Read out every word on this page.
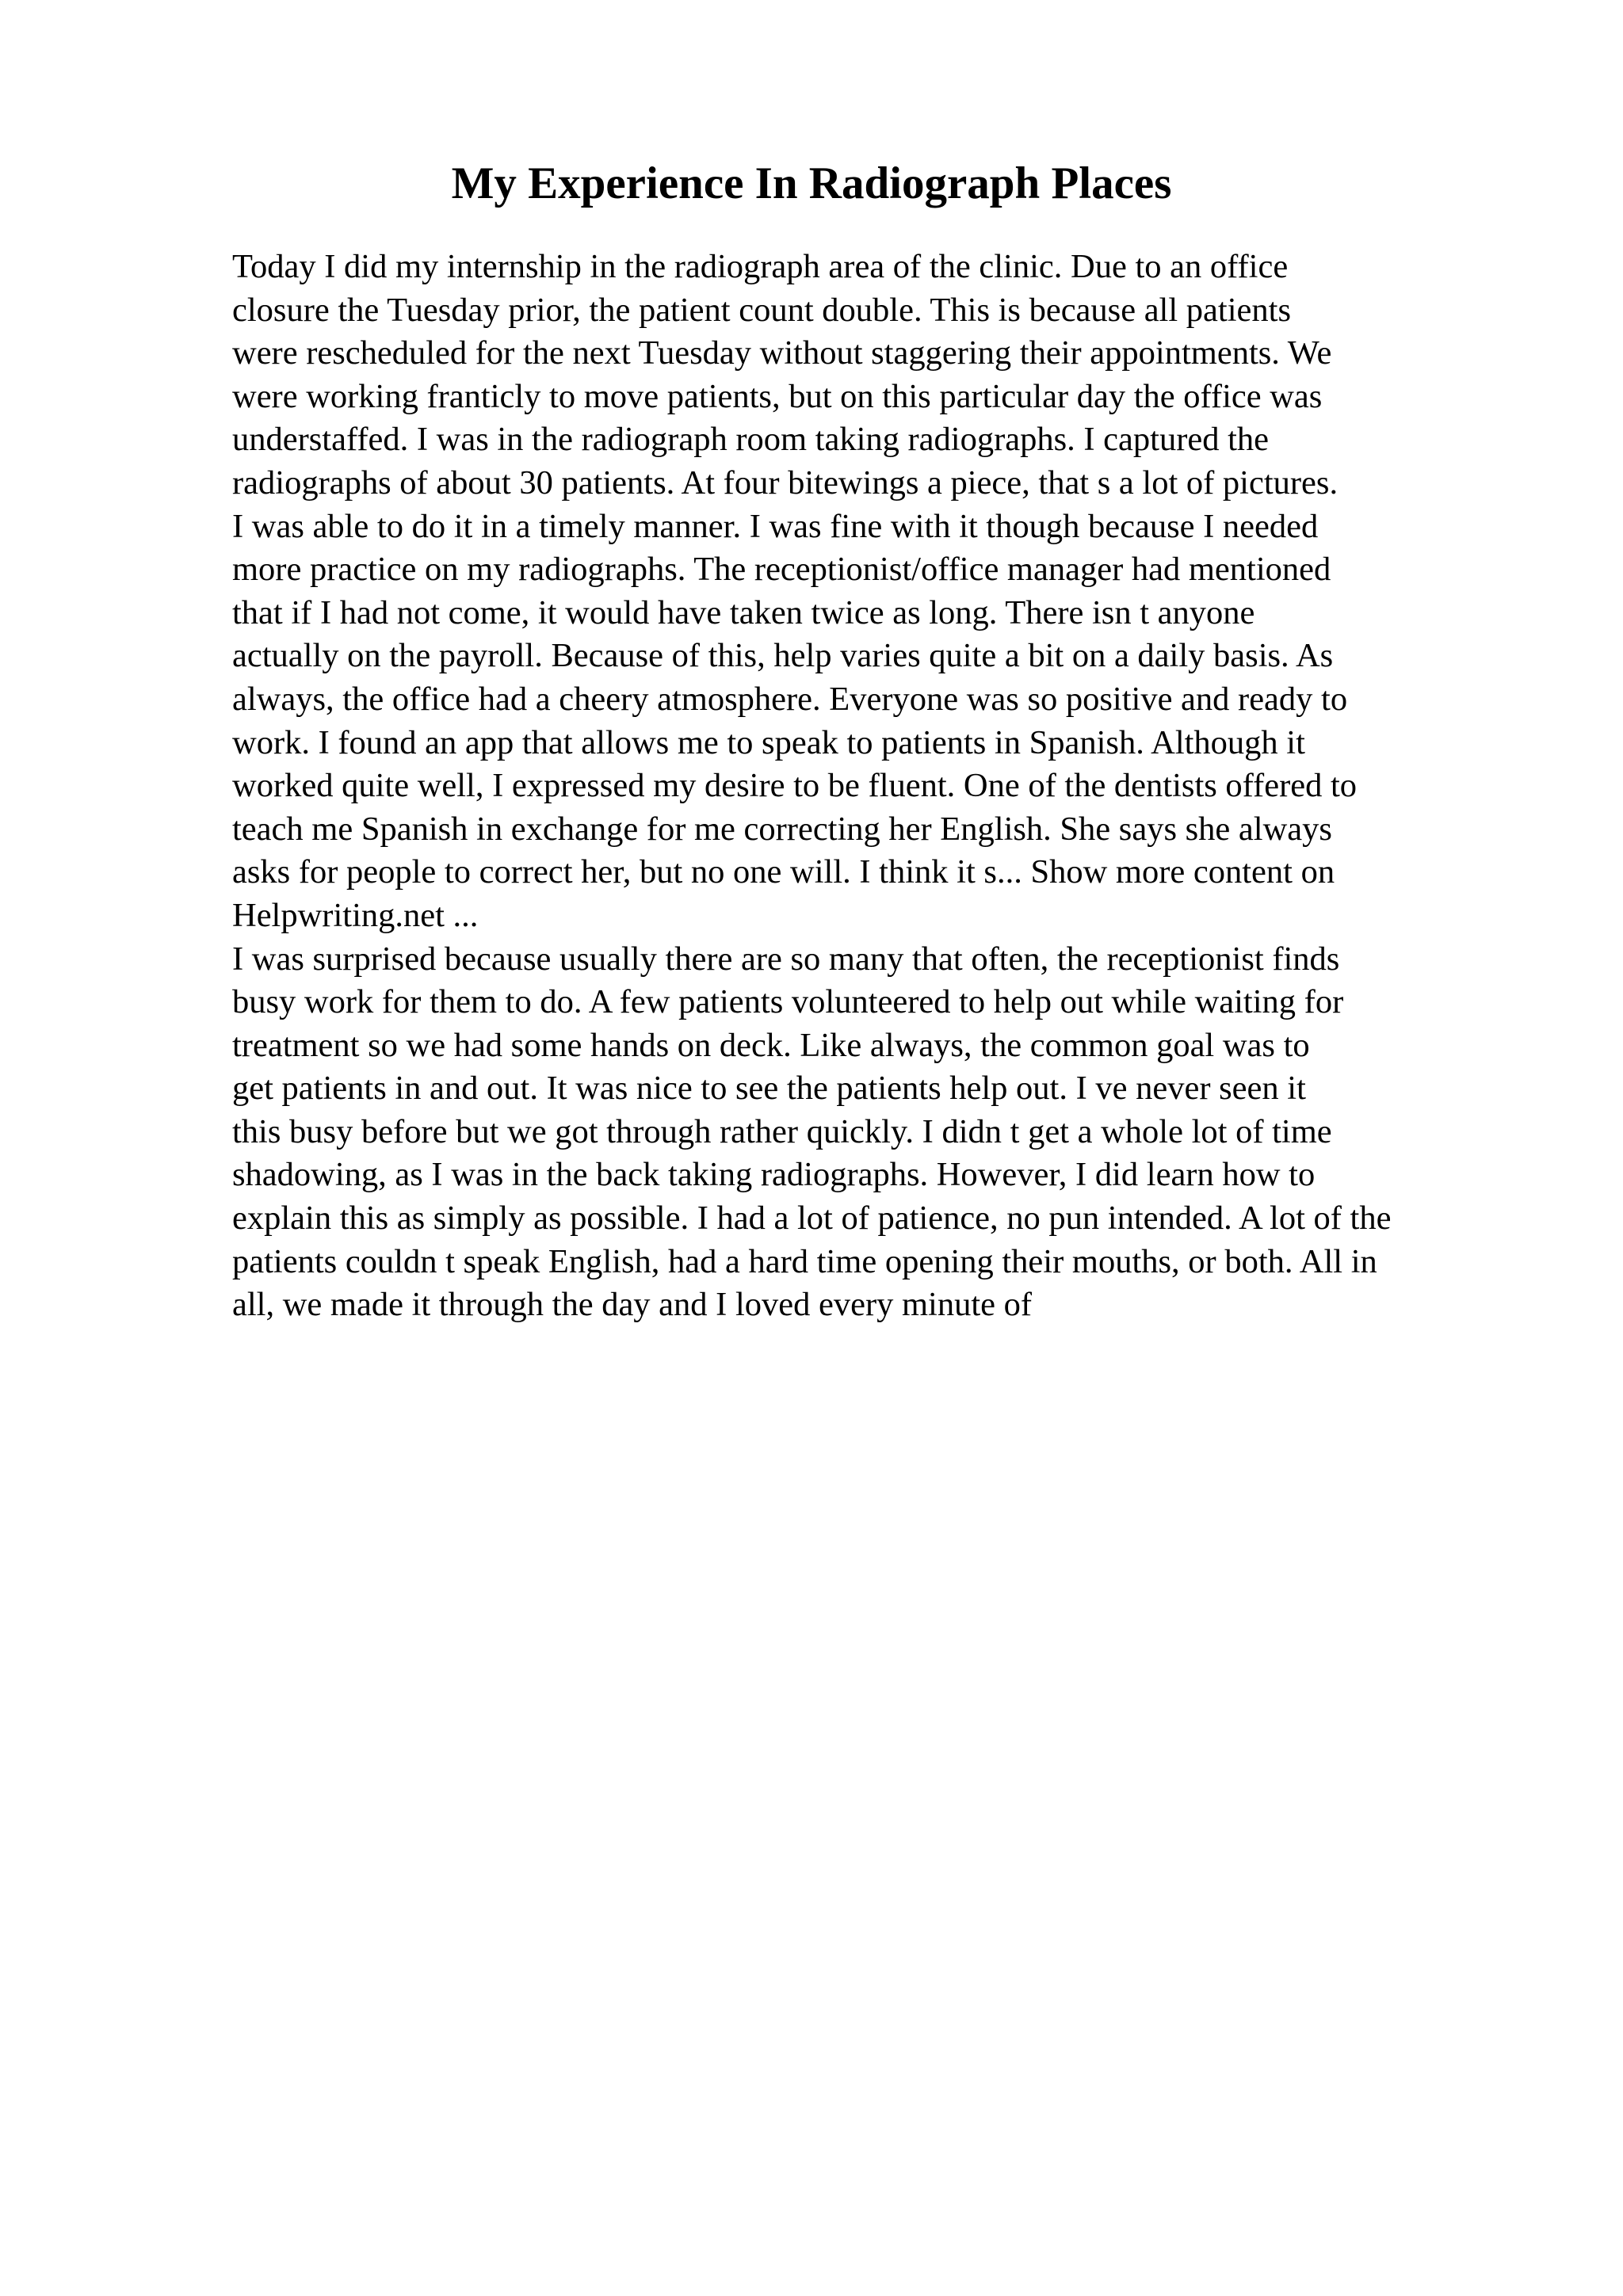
My Experience In Radiograph Places

Today I did my internship in the radiograph area of the clinic. Due to an office

closure the Tuesday prior, the patient count double. This is because all patients

were rescheduled for the next Tuesday without staggering their appointments. We

were working franticly to move patients, but on this particular day the office was

understaffed. I was in the radiograph room taking radiographs. I captured the

radiographs of about 30 patients. At four bitewings a piece, that s a lot of pictures.

I was able to do it in a timely manner. I was fine with it though because I needed

more practice on my radiographs. The receptionist/office manager had mentioned

that if I had not come, it would have taken twice as long. There isn t anyone

actually on the payroll. Because of this, help varies quite a bit on a daily basis. As

always, the office had a cheery atmosphere. Everyone was so positive and ready to

work. I found an app that allows me to speak to patients in Spanish. Although it

worked quite well, I expressed my desire to be fluent. One of the dentists offered to

teach me Spanish in exchange for me correcting her English. She says she always

asks for people to correct her, but no one will. I think it s... Show more content on

Helpwriting.net ...

I was surprised because usually there are so many that often, the receptionist finds

busy work for them to do. A few patients volunteered to help out while waiting for

treatment so we had some hands on deck. Like always, the common goal was to

get patients in and out. It was nice to see the patients help out. I ve never seen it

this busy before but we got through rather quickly. I didn t get a whole lot of time

shadowing, as I was in the back taking radiographs. However, I did learn how to

explain this as simply as possible. I had a lot of patience, no pun intended. A lot of the

patients couldn t speak English, had a hard time opening their mouths, or both. All in

all, we made it through the day and I loved every minute of
